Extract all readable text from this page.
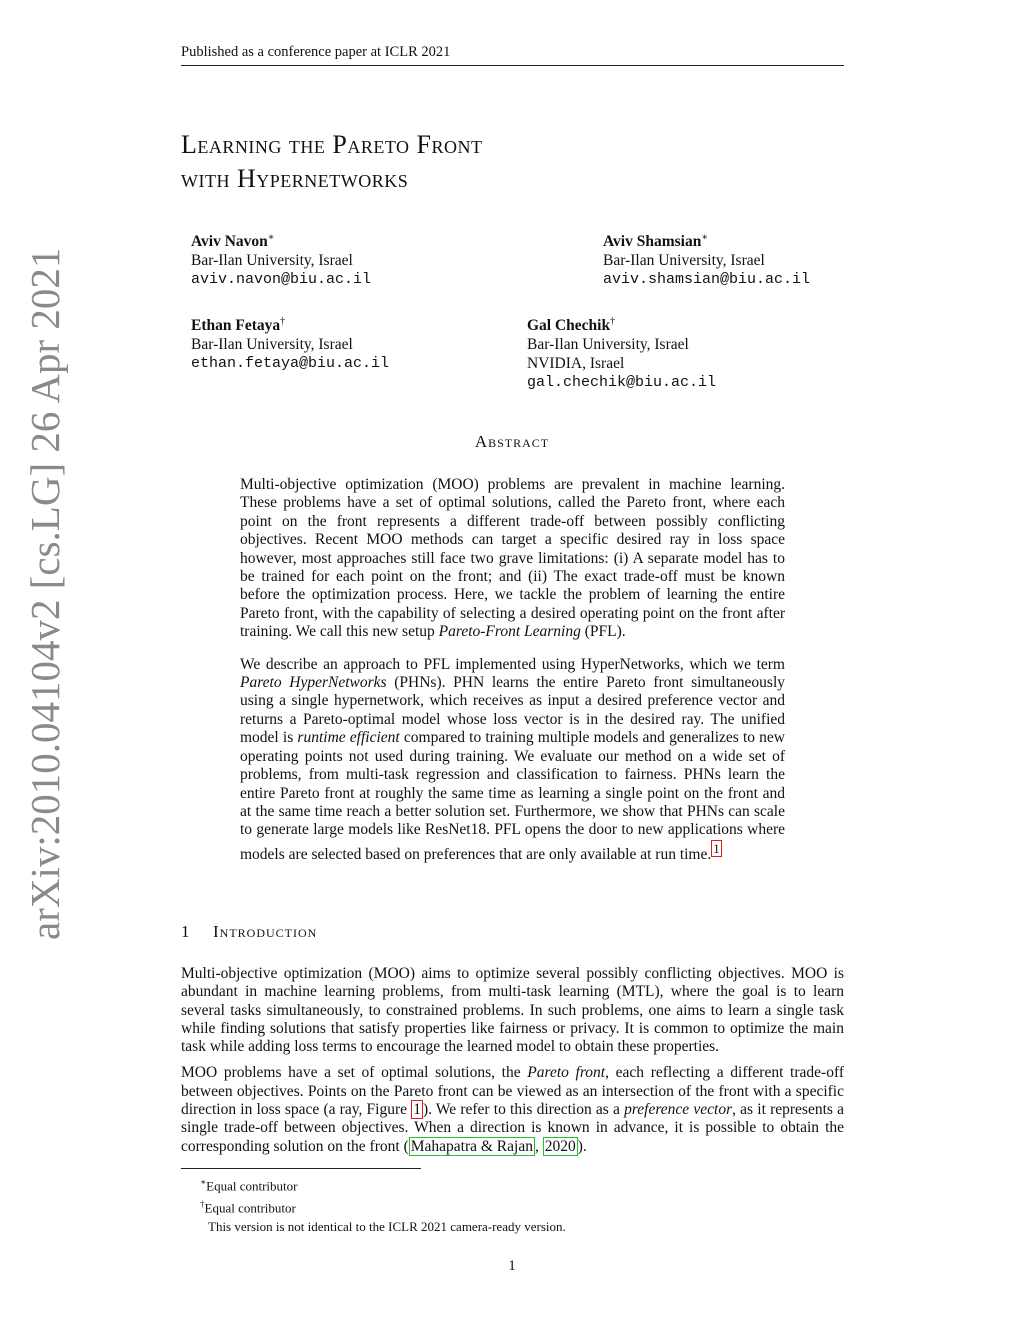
Published as a conference paper at ICLR 2021
Learning the Pareto Front
with Hypernetworks
Aviv Navon∗
Bar-Ilan University, Israel
aviv.navon@biu.ac.il
Aviv Shamsian∗
Bar-Ilan University, Israel
aviv.shamsian@biu.ac.il
Ethan Fetaya†
Bar-Ilan University, Israel
ethan.fetaya@biu.ac.il
Gal Chechik†
Bar-Ilan University, Israel
NVIDIA, Israel
gal.chechik@biu.ac.il
arXiv:2010.04104v2 [cs.LG] 26 Apr 2021	Abstract

Multi-objective optimization (MOO) problems are prevalent in machine learning. These problems have a set of optimal solutions, called the Pareto front, where each point on the front represents a different trade-off between possibly conflicting objectives. Recent MOO methods can target a specific desired ray in loss space however, most approaches still face two grave limitations: (i) A separate model has to be trained for each point on the front; and (ii) The exact trade-off must be known before the optimization process. Here, we tackle the problem of learning the entire Pareto front, with the capability of selecting a desired operating point on the front after training. We call this new setup Pareto-Front Learning (PFL).

We describe an approach to PFL implemented using HyperNetworks, which we term Pareto HyperNetworks (PHNs). PHN learns the entire Pareto front simultaneously using a single hypernetwork, which receives as input a desired preference vector and returns a Pareto-optimal model whose loss vector is in the desired ray. The unified model is runtime efficient compared to training multiple models and generalizes to new operating points not used during training. We evaluate our method on a wide set of problems, from multi-task regression and classification to fairness. PHNs learn the entire Pareto front at roughly the same time as learning a single point on the front and at the same time reach a better solution set. Furthermore, we show that PHNs can scale to generate large models like ResNet18. PFL opens the door to new applications where models are selected based on preferences that are only available at run time. $^1$

1 Introduction

Multi-objective optimization (MOO) aims to optimize several possibly conflicting objectives. MOO is abundant in machine learning problems, from multi-task learning (MTL), where the goal is to learn several tasks simultaneously, to constrained problems. In such problems, one aims to learn a single task while finding solutions that satisfy properties like fairness or privacy. It is common to optimize the main task while adding loss terms to encourage the learned model to obtain these properties.

MOO problems have a set of optimal solutions, the Pareto front, each reflecting a different trade-off between objectives. Points on the Pareto front can be viewed as an intersection of the front with a specific direction in loss space (a ray, Figure 1 ). We refer to this direction as a preference vector, as it represents a single trade-off between objectives. When a direction is known in advance, it is possible to obtain the corresponding solution on the front ( Mahapatra & Rajan , 2020 ).

∗Equal contributor
†Equal contributor
This version is not identical to the ICLR 2021 camera-ready version.
1
